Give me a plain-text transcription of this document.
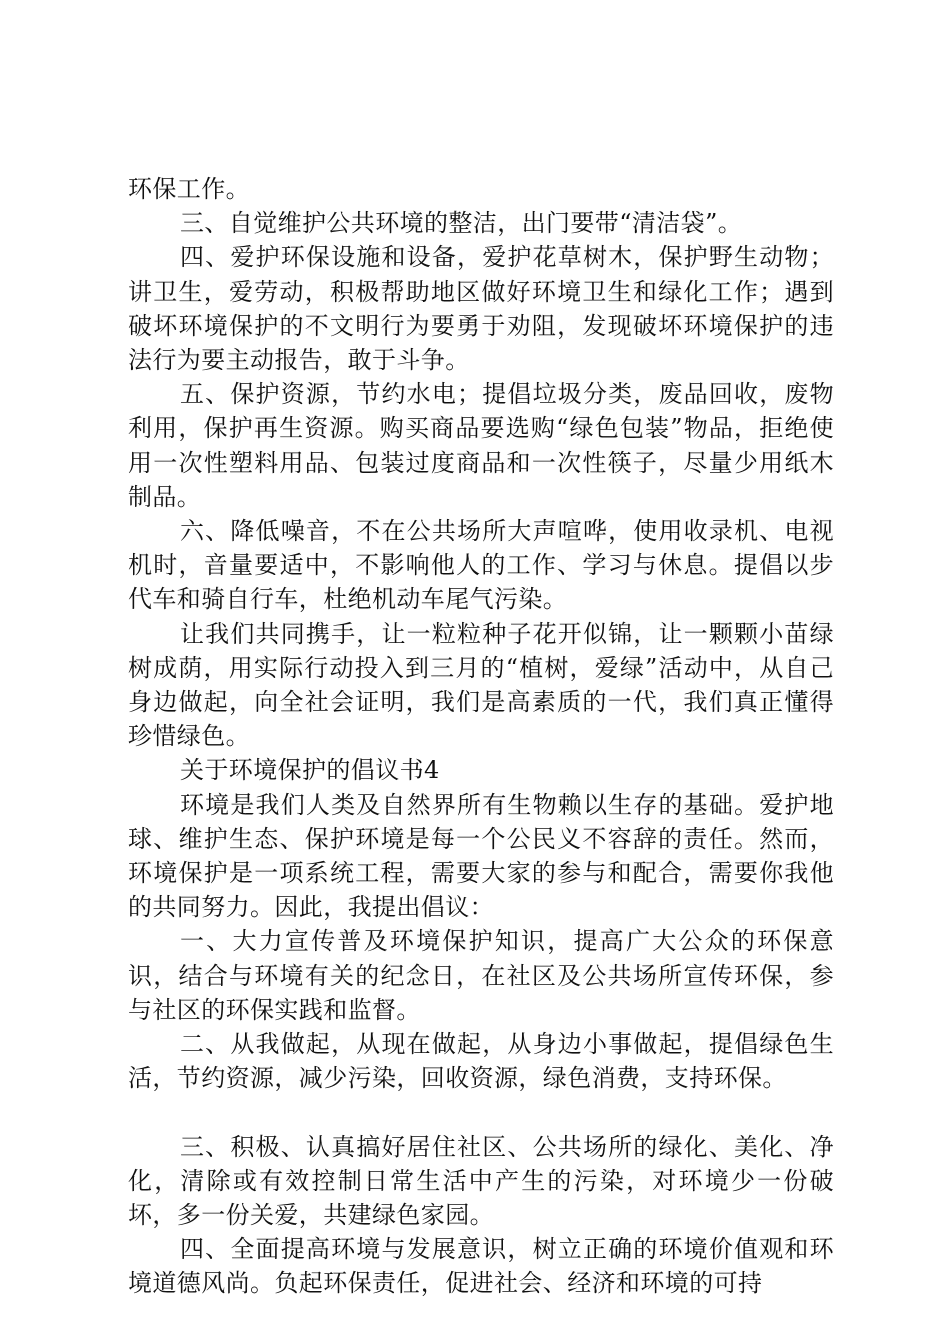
环保工作。

三、自觉维护公共环境的整洁，出门要带“清洁袋”。

四、爱护环保设施和设备，爱护花草树木，保护野生动物；讲卫生，爱劳动，积极帮助地区做好环境卫生和绿化工作；遇到破坏环境保护的不文明行为要勇于劝阻，发现破坏环境保护的违法行为要主动报告，敢于斗争。

五、保护资源，节约水电；提倡垃圾分类，废品回收，废物利用，保护再生资源。购买商品要选购“绿色包装”物品，拒绝使用一次性塑料用品、包装过度商品和一次性筷子，尽量少用纸木制品。

六、降低噪音，不在公共场所大声喧哗，使用收录机、电视机时，音量要适中，不影响他人的工作、学习与休息。提倡以步代车和骑自行车，杜绝机动车尾气污染。

让我们共同携手，让一粒粒种子花开似锦，让一颗颗小苗绿树成荫，用实际行动投入到三月的“植树，爱绿”活动中，从自己身边做起，向全社会证明，我们是高素质的一代，我们真正懂得珍惜绿色。

关于环境保护的倡议书4

环境是我们人类及自然界所有生物赖以生存的基础。爱护地球、维护生态、保护环境是每一个公民义不容辞的责任。然而，环境保护是一项系统工程，需要大家的参与和配合，需要你我他的共同努力。因此，我提出倡议：

一、大力宣传普及环境保护知识，提高广大公众的环保意识，结合与环境有关的纪念日，在社区及公共场所宣传环保，参与社区的环保实践和监督。

二、从我做起，从现在做起，从身边小事做起，提倡绿色生活，节约资源，减少污染，回收资源，绿色消费，支持环保。

三、积极、认真搞好居住社区、公共场所的绿化、美化、净化，清除或有效控制日常生活中产生的污染，对环境少一份破坏，多一份关爱，共建绿色家园。

四、全面提高环境与发展意识，树立正确的环境价值观和环境道德风尚。负起环保责任，促进社会、经济和环境的可持
